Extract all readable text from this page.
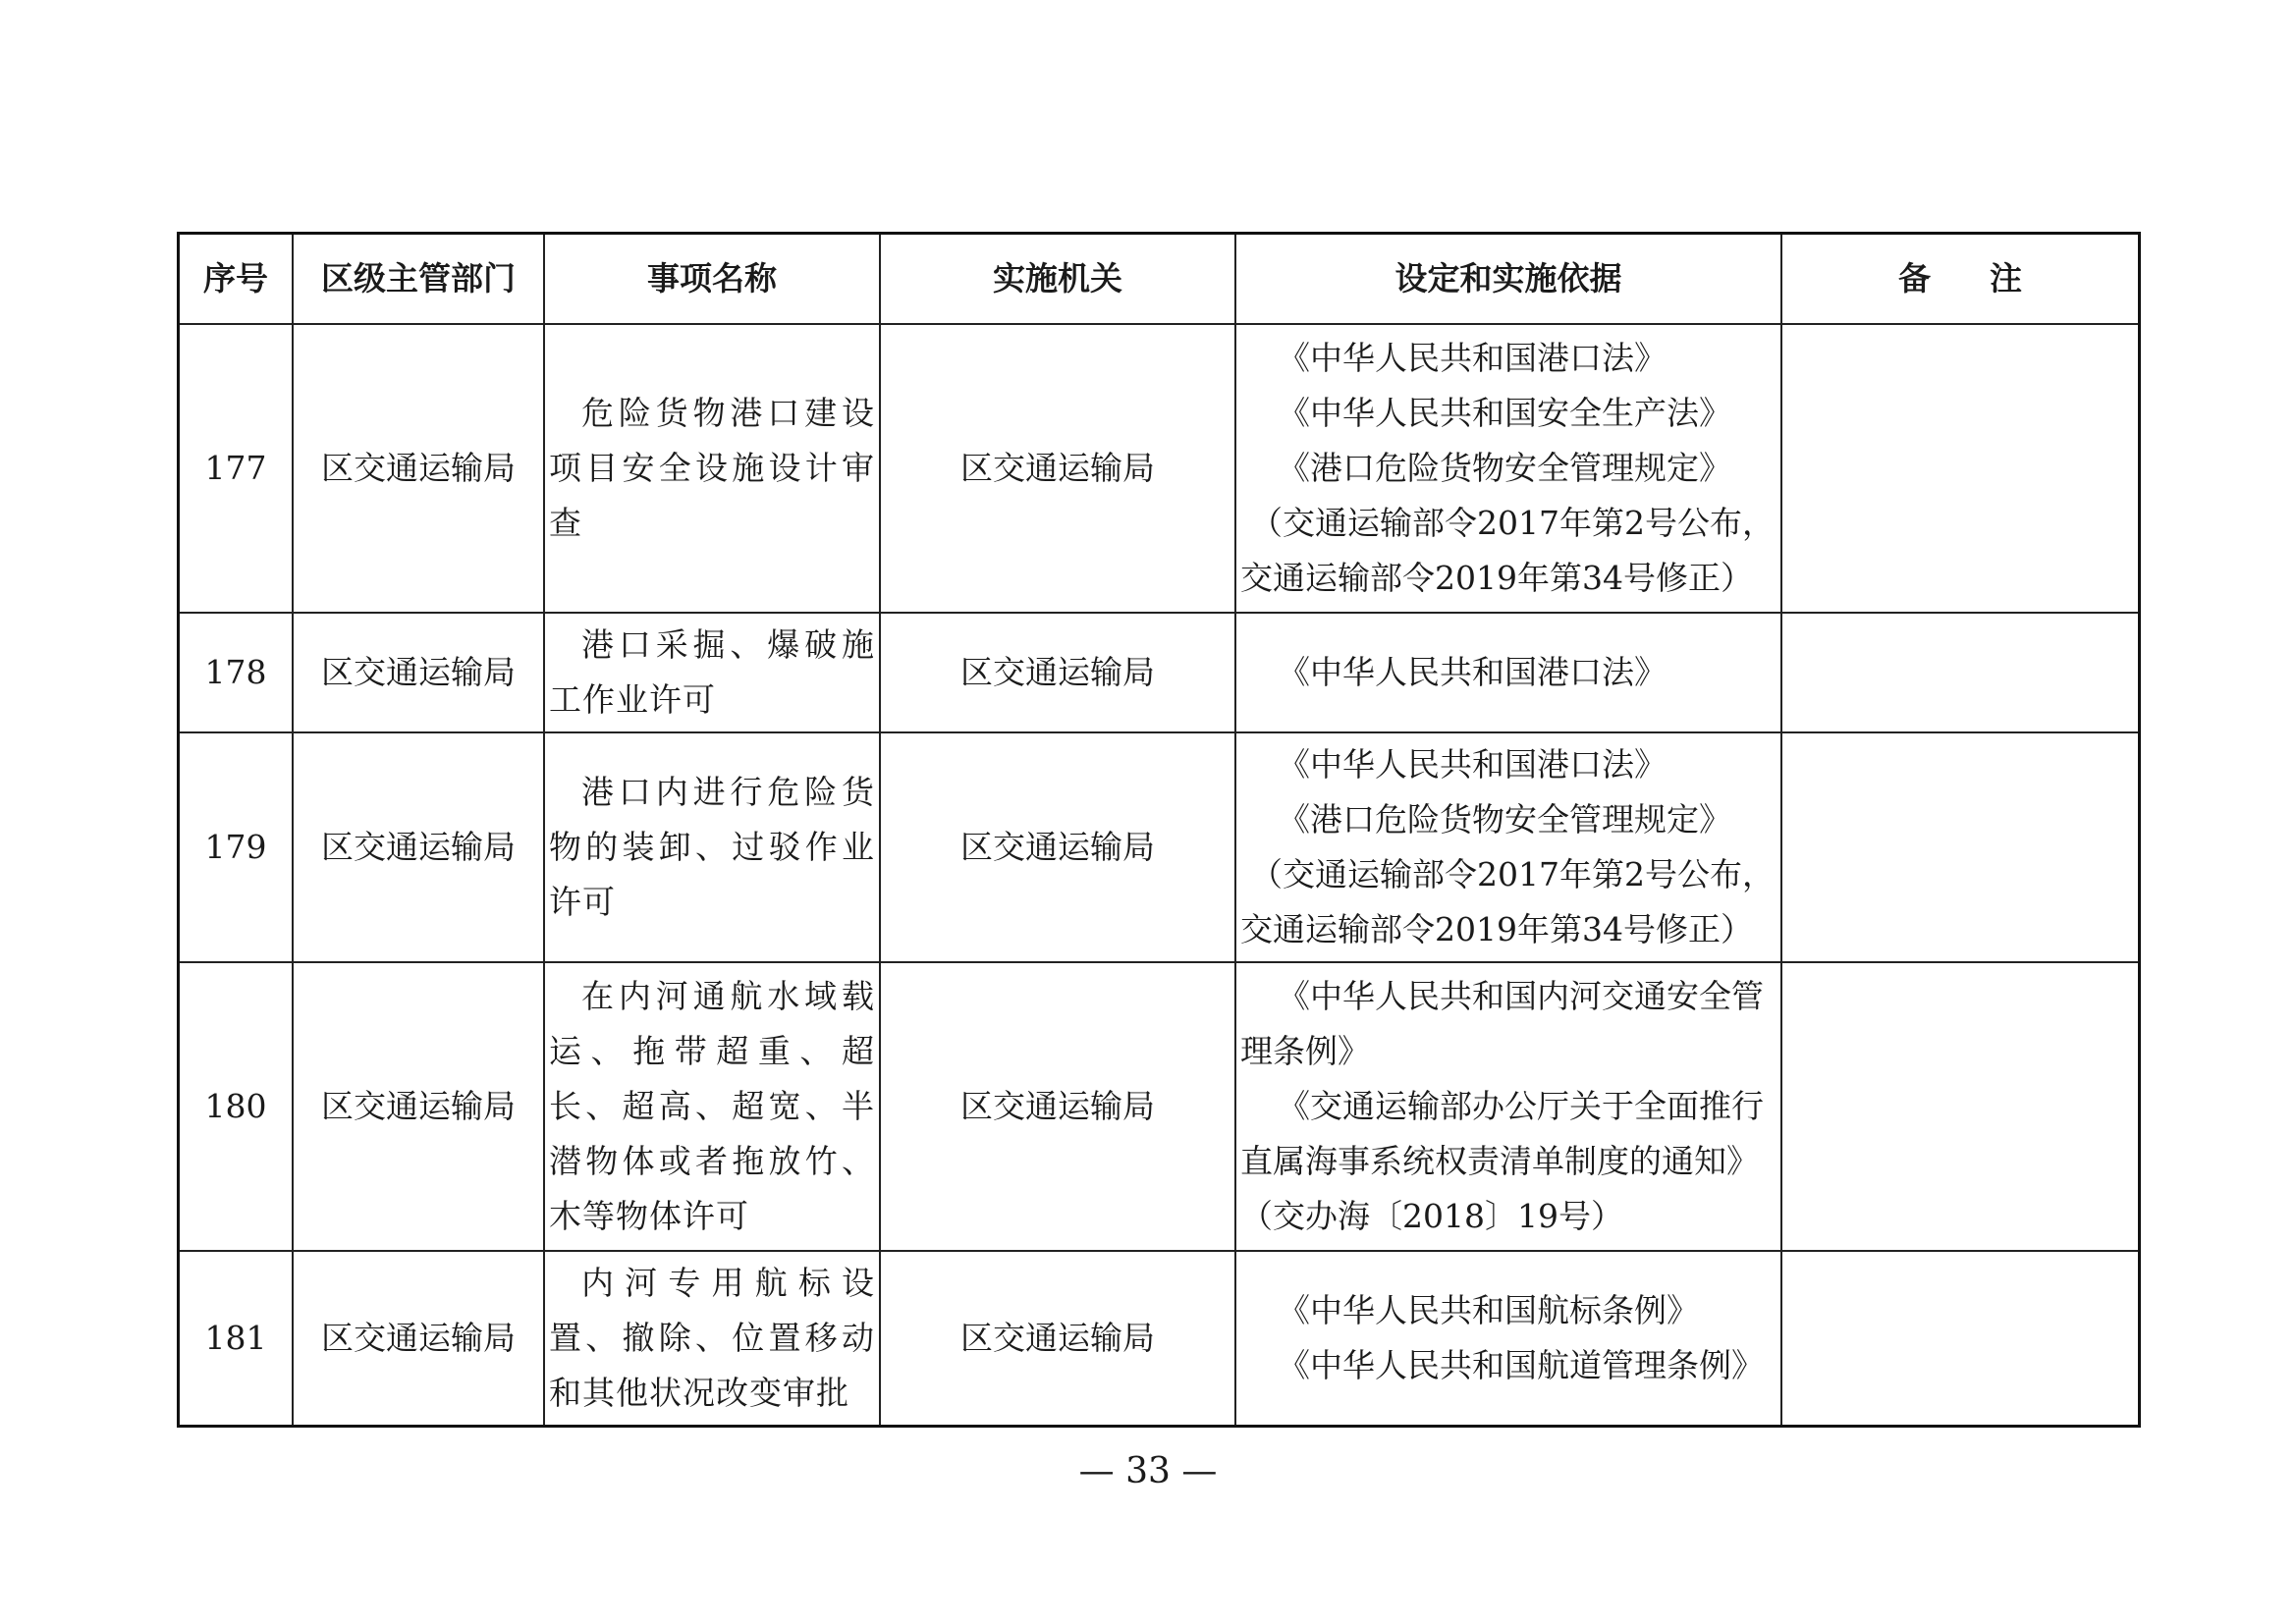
序号	区级主管部门	事项名称	实施机关	设定和实施依据	备注
177	区交通运输局	危险货物港口建设项目安全设施设计审查	区交通运输局	《中华人民共和国港口法》
《中华人民共和国安全生产法》
《港口危险货物安全管理规定》
（交通运输部令2017年第2号公布，
交通运输部令2019年第34号修正）	

178	区交通运输局	港口采掘、爆破施工作业许可	区交通运输局	《中华人民共和国港口法》	

179	区交通运输局	港口内进行危险货物的装卸、过驳作业许可	区交通运输局	《中华人民共和国港口法》
《港口危险货物安全管理规定》
（交通运输部令2017年第2号公布，
交通运输部令2019年第34号修正）	

180	区交通运输局	在内河通航水域载运、拖带超重、超长、超高、超宽、半潜物体或者拖放竹、木等物体许可	区交通运输局	《中华人民共和国内河交通安全管理条例》
《交通运输部办公厅关于全面推行直属海事系统权责清单制度的通知》（交办海〔2018〕19号）	

181	区交通运输局	内河专用航标设置、撤除、位置移动和其他状况改变审批	区交通运输局	《中华人民共和国航标条例》
《中华人民共和国航道管理条例》	

— 33 —
